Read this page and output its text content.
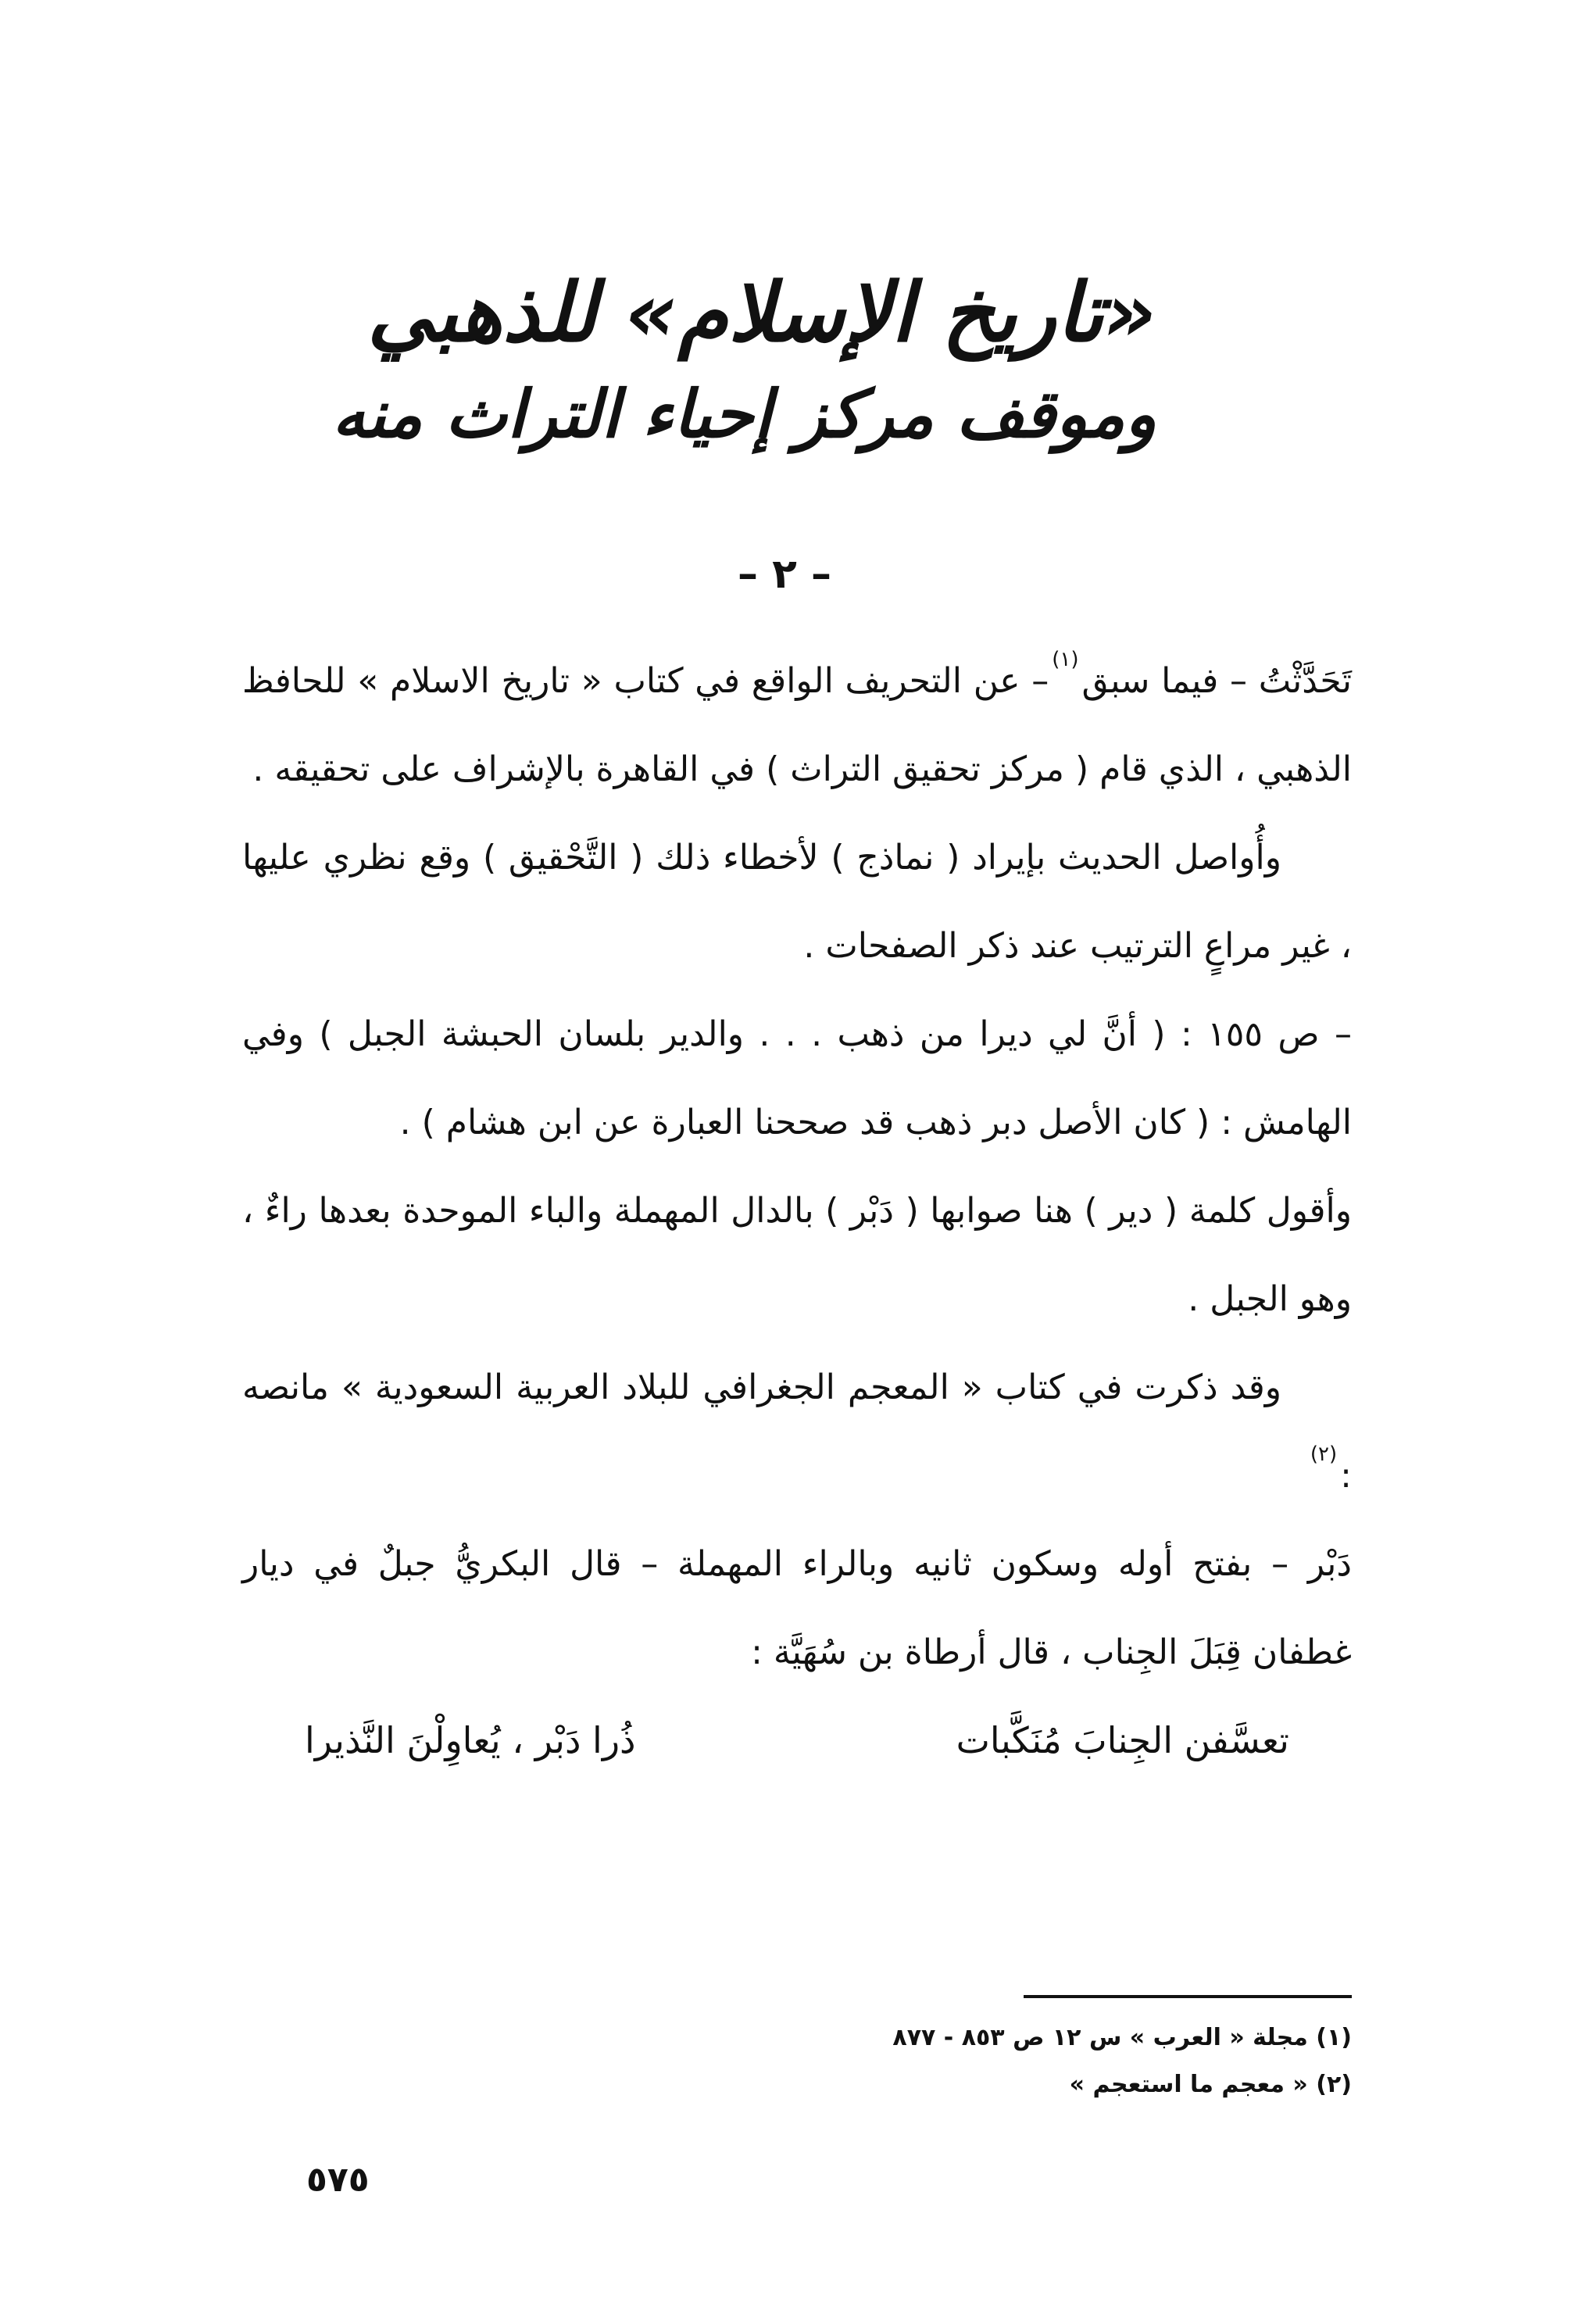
«تاريخ الإسلام» للذهبي
وموقف مركز إحياء التراث منه
– ٢ –

تَحَدَّثْتُ – فيما سبق$^{(١)}$– عن التحريف الواقع في كتاب « تاريخ الاسلام » للحافظ الذهبي ، الذي قام ( مركز تحقيق التراث ) في القاهرة بالإشراف على تحقيقه .

وأُواصل الحديث بإيراد ( نماذج ) لأخطاء ذلك ( التَّحْقيق ) وقع نظري عليها ، غير مراعٍ الترتيب عند ذكر الصفحات .

– ص ١٥٥ : ( أنَّ لي ديرا من ذهب . . . والدير بلسان الحبشة الجبل ) وفي الهامش : ( كان الأصل دبر ذهب قد صححنا العبارة عن ابن هشام ) .

وأقول كلمة ( دير ) هنا صوابها ( دَبْر ) بالدال المهملة والباء الموحدة بعدها راءٌ ، وهو الجبل .

وقد ذكرت في كتاب « المعجم الجغرافي للبلاد العربية السعودية » مانصه :$^{(٢)}$

دَبْر – بفتح أوله وسكون ثانيه وبالراء المهملة – قال البكريُّ جبلٌ في ديار غطفان قِبَلَ الجِناب ، قال أرطاة بن سُهَيَّة :

تعسَّفن الجِنابَ مُنَكَّبات
ذُرا دَبْر ، يُعاوِلْنَ النَّذيرا

(١) مجلة « العرب » س ١٢ ص ٨٥٣ - ٨٧٧

(٢) « معجم ما استعجم »

٥٧٥
